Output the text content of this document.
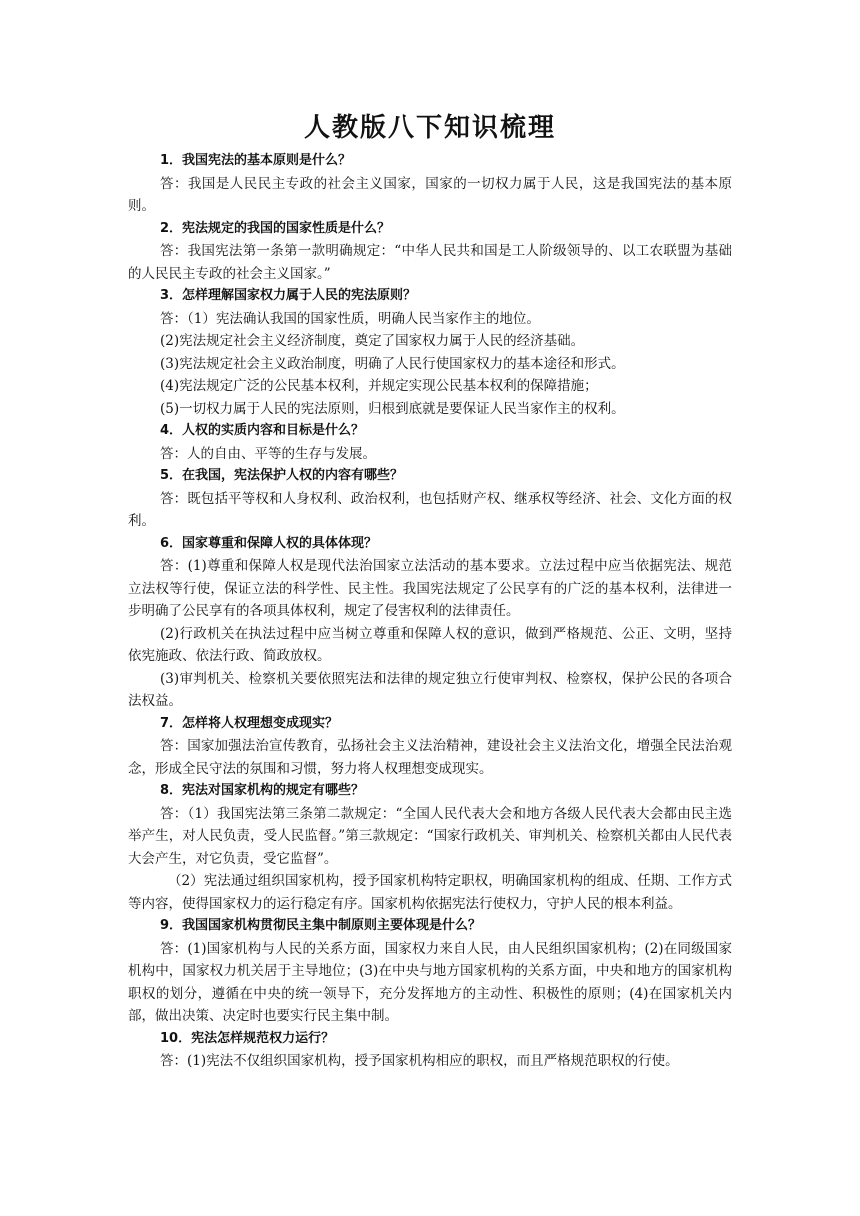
人教版八下知识梳理

1．我国宪法的基本原则是什么？

答：我国是人民民主专政的社会主义国家，国家的一切权力属于人民，这是我国宪法的基本原则。

2．宪法规定的我国的国家性质是什么？

答：我国宪法第一条第一款明确规定：“中华人民共和国是工人阶级领导的、以工农联盟为基础的人民民主专政的社会主义国家。”

3．怎样理解国家权力属于人民的宪法原则？

答：（1）宪法确认我国的国家性质，明确人民当家作主的地位。

(2)宪法规定社会主义经济制度，奠定了国家权力属于人民的经济基础。

(3)宪法规定社会主义政治制度，明确了人民行使国家权力的基本途径和形式。

(4)宪法规定广泛的公民基本权利，并规定实现公民基本权利的保障措施；

(5)一切权力属于人民的宪法原则，归根到底就是要保证人民当家作主的权利。

4．人权的实质内容和目标是什么？

答：人的自由、平等的生存与发展。

5．在我国，宪法保护人权的内容有哪些？

答：既包括平等权和人身权利、政治权利，也包括财产权、继承权等经济、社会、文化方面的权利。

6．国家尊重和保障人权的具体体现？

答：(1)尊重和保障人权是现代法治国家立法活动的基本要求。立法过程中应当依据宪法、规范立法权等行使，保证立法的科学性、民主性。我国宪法规定了公民享有的广泛的基本权利，法律进一步明确了公民享有的各项具体权利，规定了侵害权利的法律责任。

(2)行政机关在执法过程中应当树立尊重和保障人权的意识，做到严格规范、公正、文明，坚持依宪施政、依法行政、简政放权。

(3)审判机关、检察机关要依照宪法和法律的规定独立行使审判权、检察权，保护公民的各项合法权益。

7．怎样将人权理想变成现实？

答：国家加强法治宣传教育，弘扬社会主义法治精神，建设社会主义法治文化，增强全民法治观念，形成全民守法的氛围和习惯，努力将人权理想变成现实。

8．宪法对国家机构的规定有哪些？

答：（1）我国宪法第三条第二款规定：“全国人民代表大会和地方各级人民代表大会都由民主选举产生，对人民负责，受人民监督。”第三款规定：“国家行政机关、审判机关、检察机关都由人民代表大会产生，对它负责，受它监督”。

（2）宪法通过组织国家机构，授予国家机构特定职权，明确国家机构的组成、任期、工作方式等内容，使得国家权力的运行稳定有序。国家机构依据宪法行使权力，守护人民的根本利益。

9．我国国家机构贯彻民主集中制原则主要体现是什么？

答：(1)国家机构与人民的关系方面，国家权力来自人民，由人民组织国家机构；(2)在同级国家机构中，国家权力机关居于主导地位；(3)在中央与地方国家机构的关系方面，中央和地方的国家机构职权的划分，遵循在中央的统一领导下，充分发挥地方的主动性、积极性的原则；(4)在国家机关内部，做出决策、决定时也要实行民主集中制。

10．宪法怎样规范权力运行？

答：(1)宪法不仅组织国家机构，授予国家机构相应的职权，而且严格规范职权的行使。
